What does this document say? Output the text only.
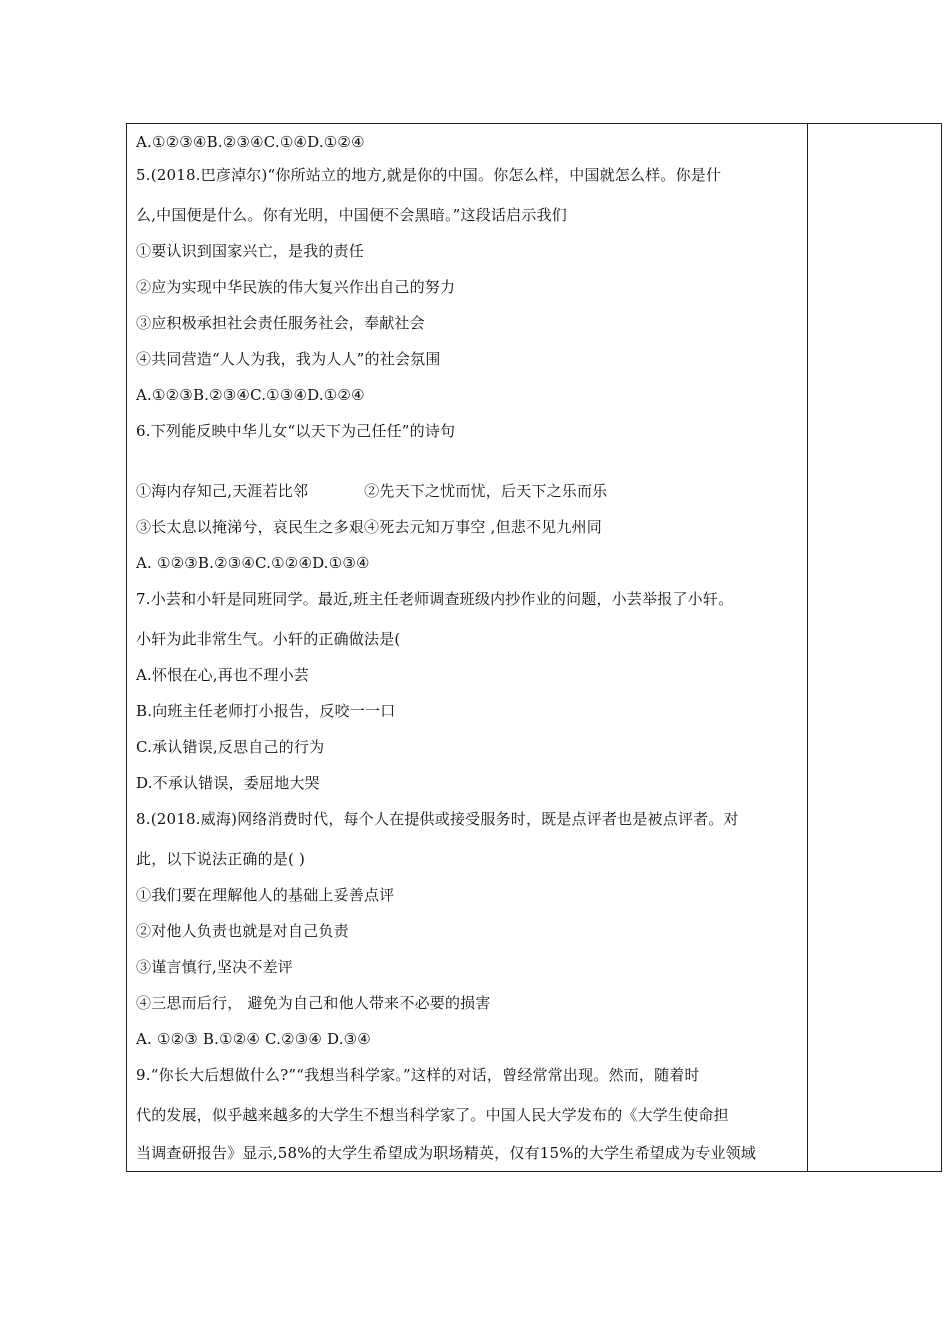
A.①②③④B.②③④C.①④D.①②④
5.(2018.巴彦淖尔)“你所站立的地方,就是你的中国。你怎么样，中国就怎么样。你是什
么,中国便是什么。你有光明，中国便不会黑暗。”这段话启示我们
①要认识到国家兴亡，是我的责任
②应为实现中华民族的伟大复兴作出自己的努力
③应积极承担社会责任服务社会，奉献社会
④共同营造“人人为我，我为人人”的社会氛围
A.①②③B.②③④C.①③④D.①②④
6.下列能反映中华儿女“以天下为己任任”的诗句
①海内存知己,天涯若比邻	②先天下之忧而忧，后天下之乐而乐
③长太息以掩涕兮，哀民生之多艰④死去元知万事空 ,但悲不见九州同
A. ①②③B.②③④C.①②④D.①③④
7.小芸和小轩是同班同学。最近,班主任老师调查班级内抄作业的问题，小芸举报了小轩。
小轩为此非常生气。小轩的正确做法是(
A.怀恨在心,再也不理小芸
B.向班主任老师打小报告，反咬一一口
C.承认错误,反思自己的行为
D.不承认错误，委屈地大哭
8.(2018.威海)网络消费时代，每个人在提供或接受服务时，既是点评者也是被点评者。对
此，以下说法正确的是( )
①我们要在理解他人的基础上妥善点评
②对他人负责也就是对自己负责
③谨言慎行,坚决不差评
④三思而后行， 避免为自己和他人带来不必要的损害
A. ①②③ B.①②④ C.②③④ D.③④
9.“你长大后想做什么?”“我想当科学家。”这样的对话，曾经常常出现。然而，随着时
代的发展，似乎越来越多的大学生不想当科学家了。中国人民大学发布的《大学生使命担
当调查研报告》显示,58%的大学生希望成为职场精英，仅有15%的大学生希望成为专业领域
